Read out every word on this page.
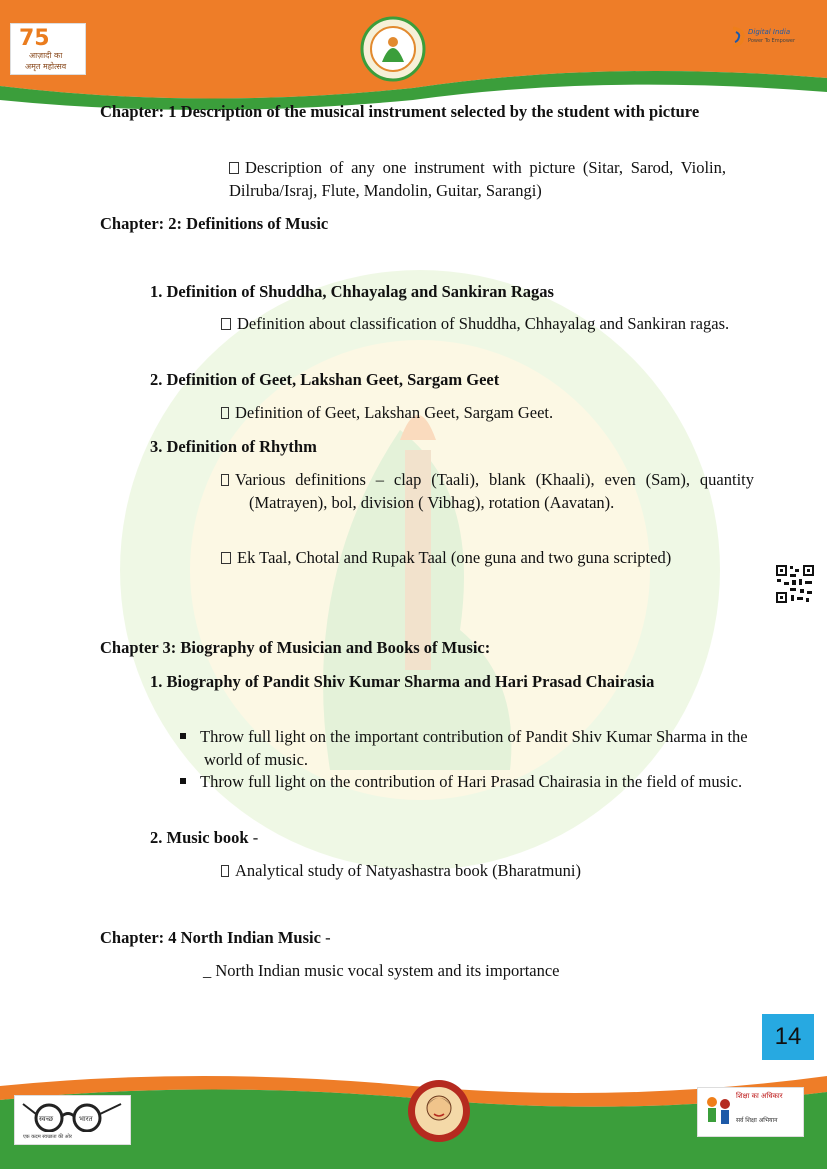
75
आज़ादी का
अमृत महोत्सव
Digital India
Power To Empower
Chapter: 1 Description of the musical instrument selected by the student with picture
Description of any one instrument with picture (Sitar, Sarod, Violin, Dilruba/Israj, Flute, Mandolin, Guitar, Sarangi)
Chapter: 2: Definitions of Music
1. Definition of Shuddha, Chhayalag and Sankiran Ragas
Definition about classification of Shuddha, Chhayalag and Sankiran ragas.
2. Definition of Geet, Lakshan Geet, Sargam Geet
Definition of Geet, Lakshan Geet, Sargam Geet.
3. Definition of Rhythm
Various definitions – clap (Taali), blank (Khaali), even (Sam), quantity (Matrayen), bol, division ( Vibhag), rotation (Aavatan).
Ek Taal, Chotal and Rupak Taal (one guna and two guna scripted)
Chapter 3: Biography of Musician and Books of Music:
1. Biography of Pandit Shiv Kumar Sharma and Hari Prasad Chairasia
Throw full light on the important contribution of Pandit Shiv Kumar Sharma in the world of music.
Throw full light on the contribution of Hari Prasad Chairasia in the field of music.
2. Music book -
Analytical study of Natyashastra book (Bharatmuni)
Chapter: 4 North Indian Music -
_ North Indian music vocal system and its importance
14
स्वच्छ	भारत
एक कदम स्वच्छता की ओर
शिक्षा का अधिकार
सर्व शिक्षा अभियान
